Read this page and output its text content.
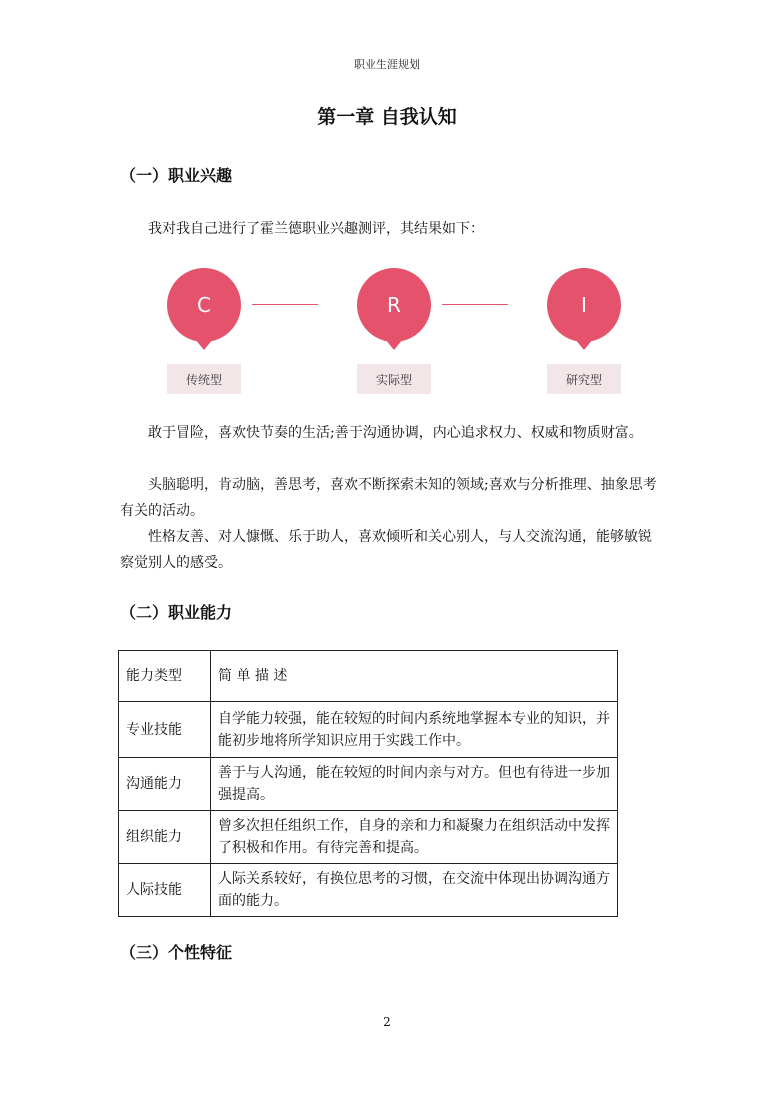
职业生涯规划
第一章 自我认知
（一）职业兴趣

我对我自己进行了霍兰德职业兴趣测评，其结果如下：

C
传统型
R
实际型
I
研究型

敢于冒险，喜欢快节奏的生活;善于沟通协调，内心追求权力、权威和物质财富。

头脑聪明，肯动脑，善思考，喜欢不断探索未知的领域;喜欢与分析推理、抽象思考有关的活动。

性格友善、对人慷慨、乐于助人，喜欢倾听和关心别人，与人交流沟通，能够敏锐察觉别人的感受。

（二）职业能力
能力类型	简 单 描 述
专业技能	自学能力较强，能在较短的时间内系统地掌握本专业的知识，并能初步地将所学知识应用于实践工作中。
沟通能力	善于与人沟通，能在较短的时间内亲与对方。但也有待进一步加强提高。
组织能力	曾多次担任组织工作，自身的亲和力和凝聚力在组织活动中发挥了积极和作用。有待完善和提高。
人际技能	人际关系较好，有换位思考的习惯，在交流中体现出协调沟通方面的能力。
（三）个性特征
2
